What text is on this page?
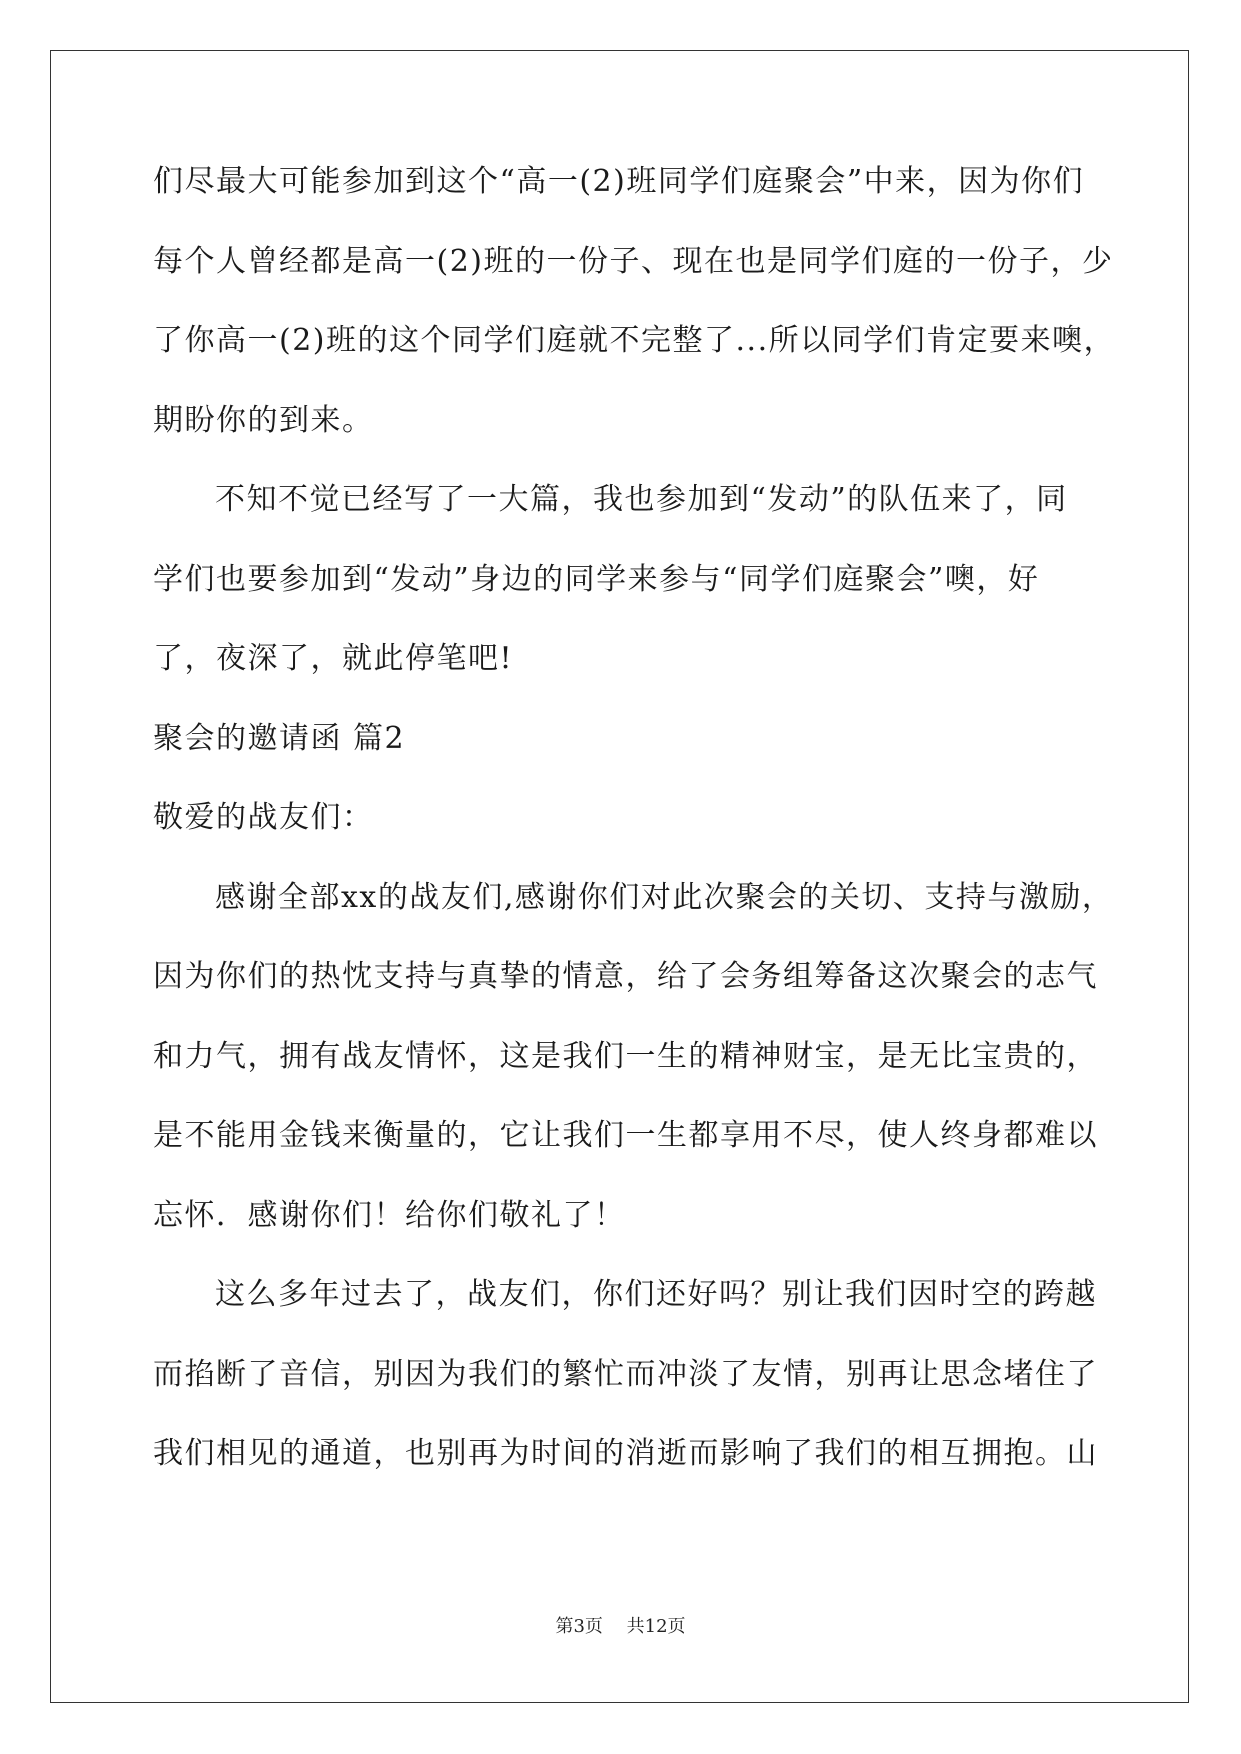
们尽最大可能参加到这个“高一(2)班同学们庭聚会”中来，因为你们
每个人曾经都是高一(2)班的一份子、现在也是同学们庭的一份子，少
了你高一(2)班的这个同学们庭就不完整了...所以同学们肯定要来噢，
期盼你的到来。
不知不觉已经写了一大篇，我也参加到“发动”的队伍来了，同
学们也要参加到“发动”身边的同学来参与“同学们庭聚会”噢，好
了，夜深了，就此停笔吧!
聚会的邀请函 篇2
敬爱的战友们：
感谢全部xx的战友们,感谢你们对此次聚会的关切、支持与激励，
因为你们的热忱支持与真挚的情意，给了会务组筹备这次聚会的志气
和力气，拥有战友情怀，这是我们一生的精神财宝，是无比宝贵的，
是不能用金钱来衡量的，它让我们一生都享用不尽，使人终身都难以
忘怀．感谢你们！给你们敬礼了！
这么多年过去了，战友们，你们还好吗？别让我们因时空的跨越
而掐断了音信，别因为我们的繁忙而冲淡了友情，别再让思念堵住了
我们相见的通道，也别再为时间的消逝而影响了我们的相互拥抱。山
第3页 共12页
